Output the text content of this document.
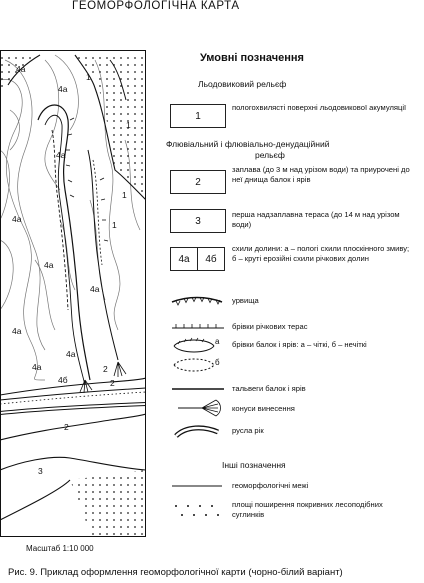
ГЕОМОРФОЛОГІЧНА КАРТА
4а
1
4а
1
4а
1
4а
1
4а
4а
4а
4а
4а
4б
2
2
3
2
Умовні позначення
Льодовиковий рельєф
1
пологохвилясті поверхні льодовикової акумуляції
Флювіальний і флювіально-денудаційний
рельєф
2
заплава (до 3 м над урізом води) та приурочені до неї днища балок і ярів
3
перша надзаплавна тераса (до 14 м над урізом води)
4а 4б
схили долини: а – пологі схили плоскінного змиву; б – круті ерозійні схили річкових долин
а
б
урвища
брівки річкових терас
брівки балок і ярів: а – чіткі, б – нечіткі
тальвеги балок і ярів
конуси винесення
русла рік
Інші позначення
геоморфологічні межі
площі поширення покривних лесоподібних суглинків
Масштаб 1:10 000
Рис. 9. Приклад оформлення геоморфологічної карти (чорно-білий варіант)
